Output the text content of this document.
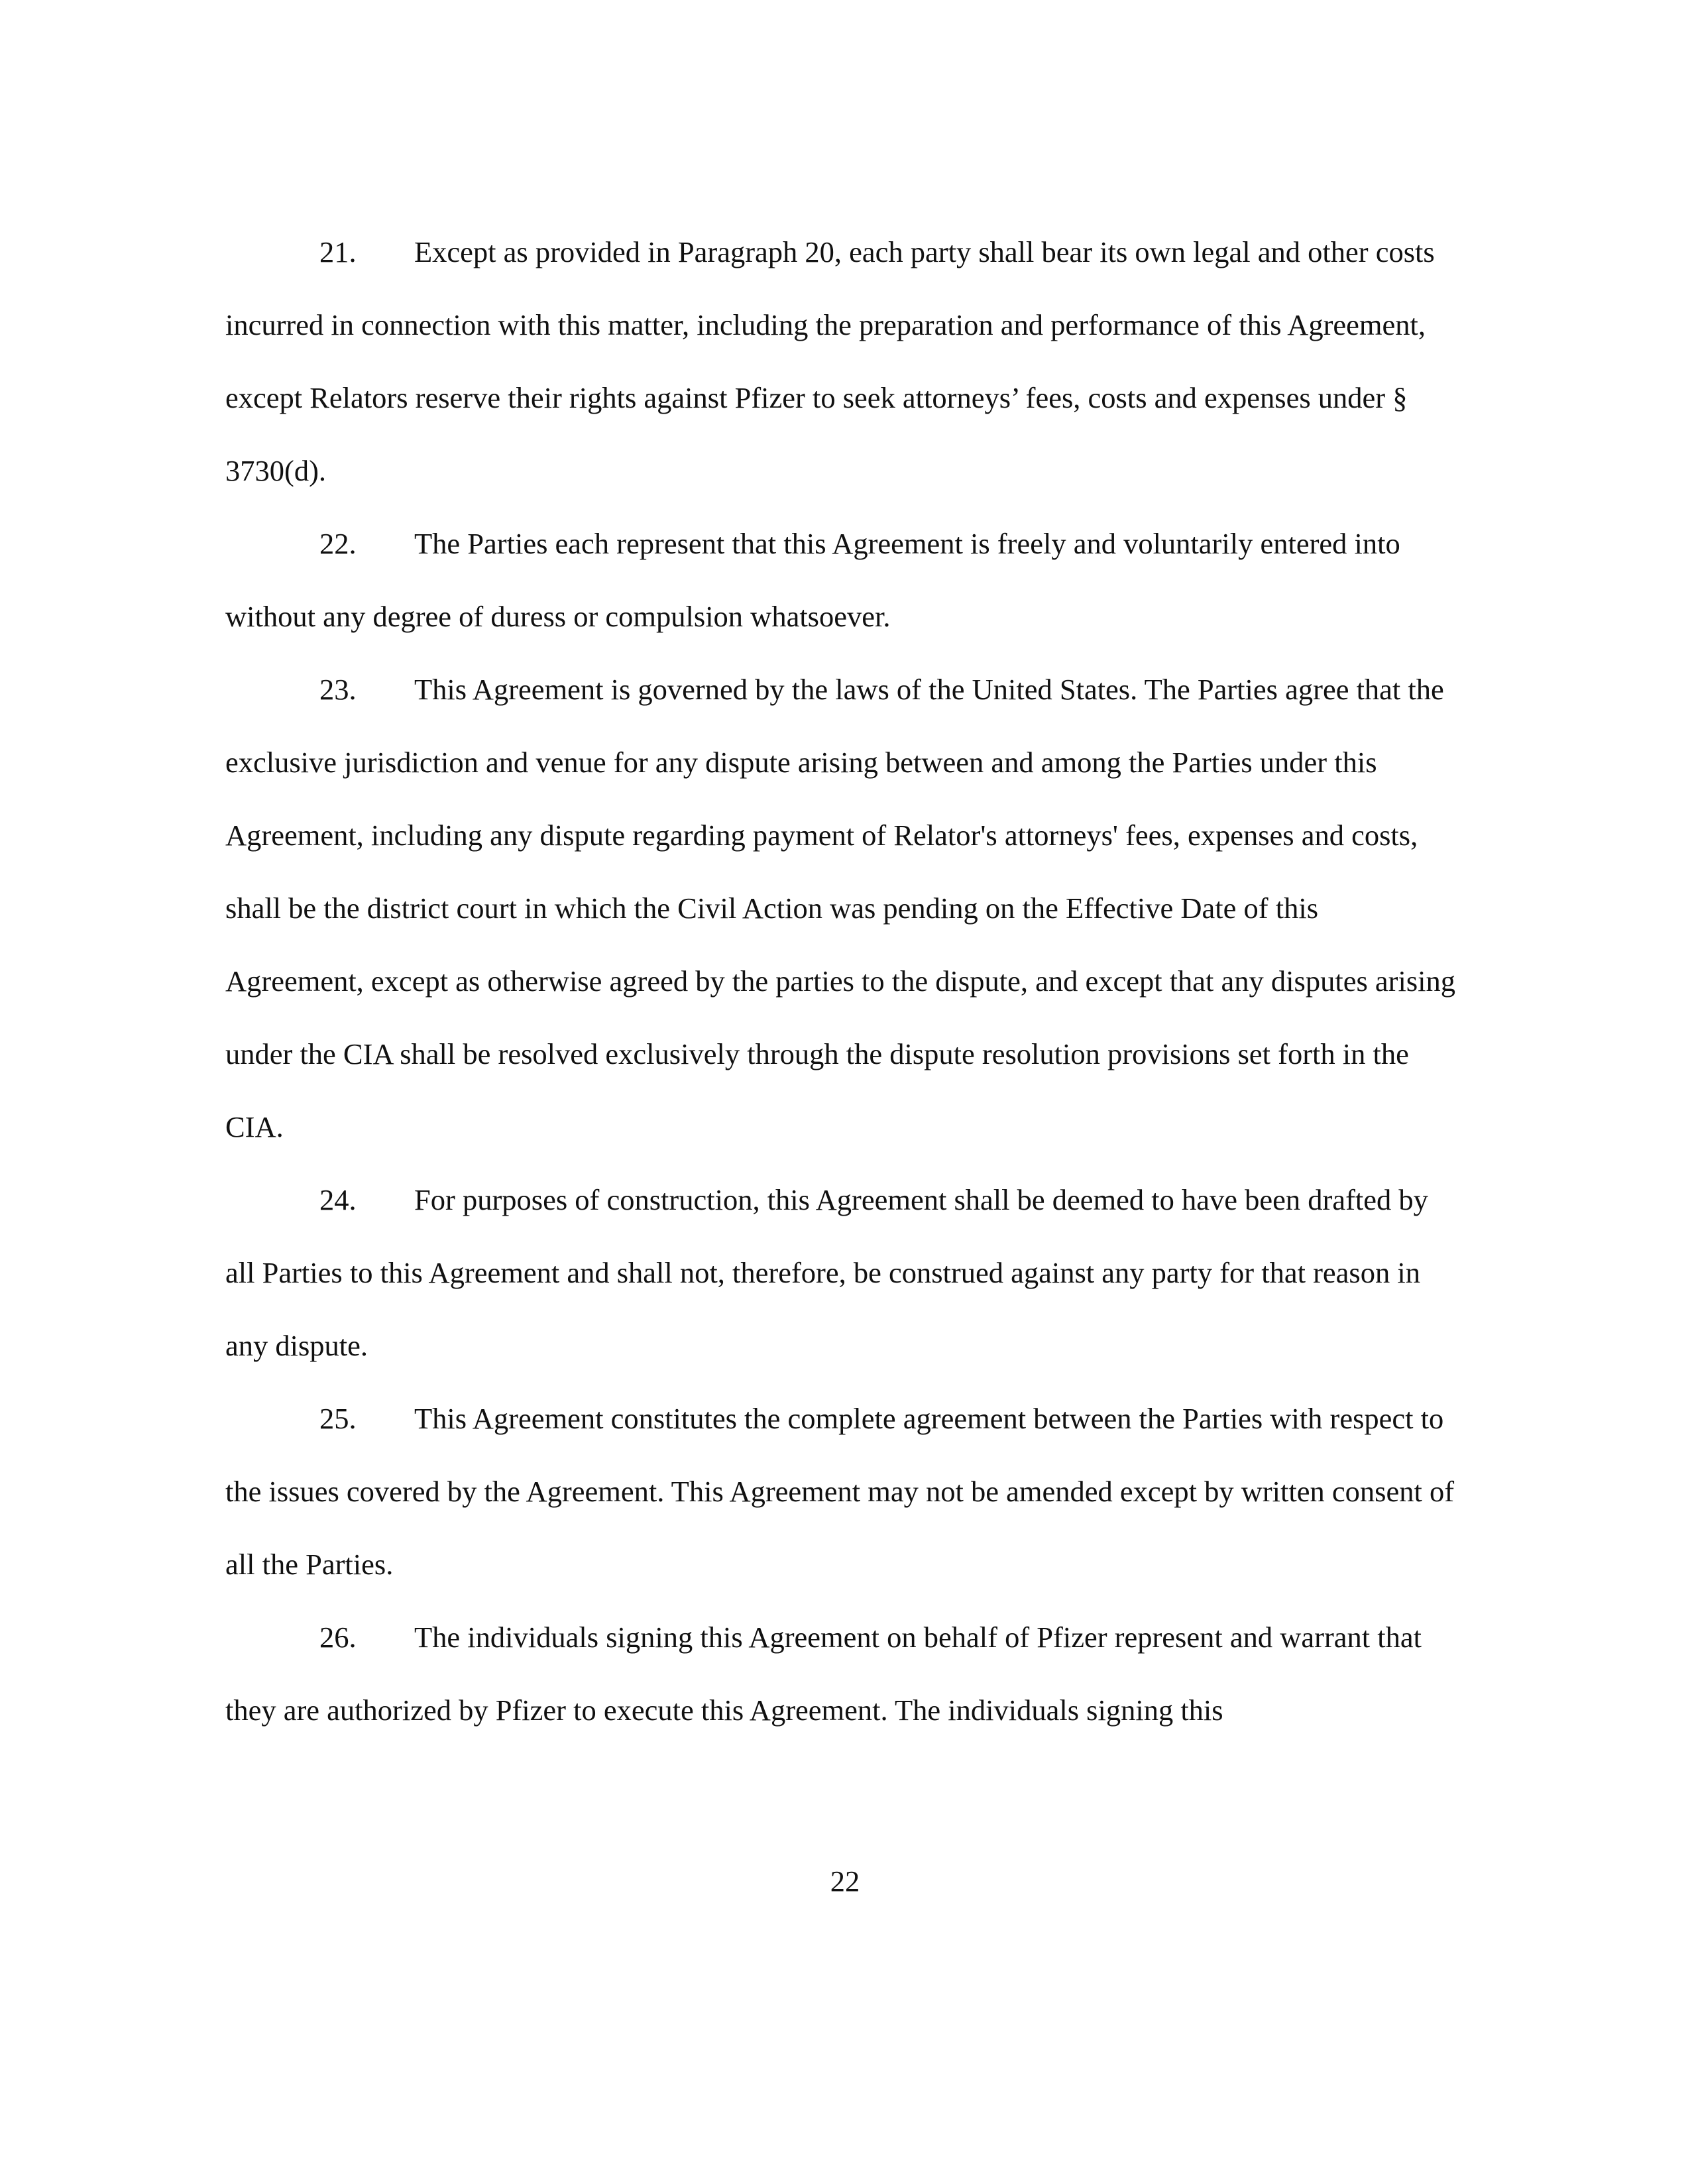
21. Except as provided in Paragraph 20, each party shall bear its own legal and other costs incurred in connection with this matter, including the preparation and performance of this Agreement, except Relators reserve their rights against Pfizer to seek attorneys’ fees, costs and expenses under § 3730(d).

22. The Parties each represent that this Agreement is freely and voluntarily entered into without any degree of duress or compulsion whatsoever.

23. This Agreement is governed by the laws of the United States. The Parties agree that the exclusive jurisdiction and venue for any dispute arising between and among the Parties under this Agreement, including any dispute regarding payment of Relator's attorneys' fees, expenses and costs, shall be the district court in which the Civil Action was pending on the Effective Date of this Agreement, except as otherwise agreed by the parties to the dispute, and except that any disputes arising under the CIA shall be resolved exclusively through the dispute resolution provisions set forth in the CIA.

24. For purposes of construction, this Agreement shall be deemed to have been drafted by all Parties to this Agreement and shall not, therefore, be construed against any party for that reason in any dispute.

25. This Agreement constitutes the complete agreement between the Parties with respect to the issues covered by the Agreement. This Agreement may not be amended except by written consent of all the Parties.

26. The individuals signing this Agreement on behalf of Pfizer represent and warrant that they are authorized by Pfizer to execute this Agreement. The individuals signing this

22
